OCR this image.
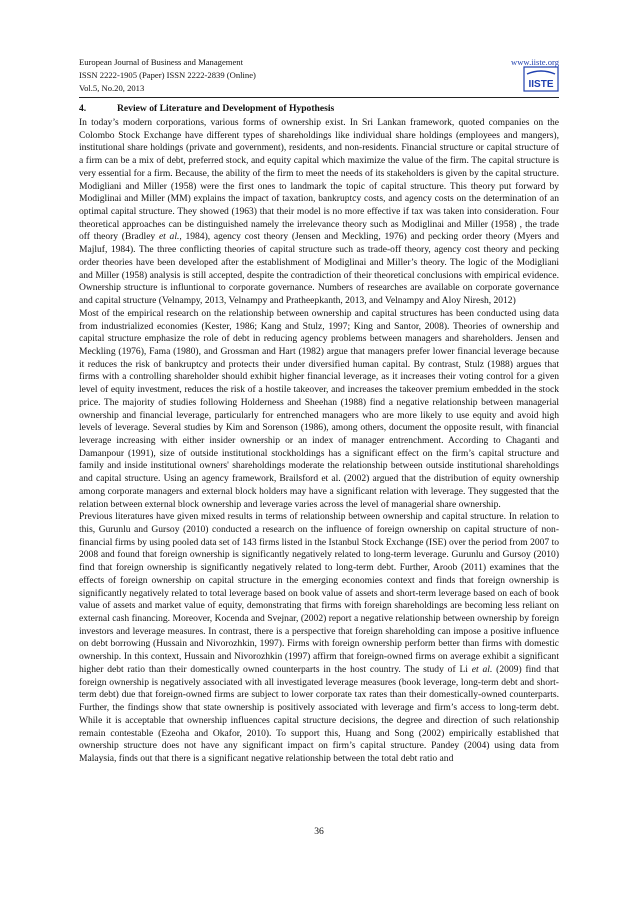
European Journal of Business and Management
ISSN 2222-1905 (Paper) ISSN 2222-2839 (Online)
Vol.5, No.20, 2013
www.iiste.org
IISTE
4.	Review of Literature and Development of Hypothesis

In today’s modern corporations, various forms of ownership exist. In Sri Lankan framework, quoted companies on the Colombo Stock Exchange have different types of shareholdings like individual share holdings (employees and mangers), institutional share holdings (private and government), residents, and non-residents. Financial structure or capital structure of a firm can be a mix of debt, preferred stock, and equity capital which maximize the value of the firm. The capital structure is very essential for a firm. Because, the ability of the firm to meet the needs of its stakeholders is given by the capital structure. Modigliani and Miller (1958) were the first ones to landmark the topic of capital structure. This theory put forward by Modiglinai and Miller (MM) explains the impact of taxation, bankruptcy costs, and agency costs on the determination of an optimal capital structure. They showed (1963) that their model is no more effective if tax was taken into consideration. Four theoretical approaches can be distinguished namely the irrelevance theory such as Modiglinai and Miller (1958) , the trade off theory (Bradley et al., 1984), agency cost theory (Jensen and Meckling, 1976) and pecking order theory (Myers and Majluf, 1984). The three conflicting theories of capital structure such as trade-off theory, agency cost theory and pecking order theories have been developed after the establishment of Modiglinai and Miller’s theory. The logic of the Modigliani and Miller (1958) analysis is still accepted, despite the contradiction of their theoretical conclusions with empirical evidence. Ownership structure is influntional to corporate governance. Numbers of researches are available on corporate governance and capital structure (Velnampy, 2013, Velnampy and Pratheepkanth, 2013, and Velnampy and Aloy Niresh, 2012)

Most of the empirical research on the relationship between ownership and capital structures has been conducted using data from industrialized economies (Kester, 1986; Kang and Stulz, 1997; King and Santor, 2008). Theories of ownership and capital structure emphasize the role of debt in reducing agency problems between managers and shareholders. Jensen and Meckling (1976), Fama (1980), and Grossman and Hart (1982) argue that managers prefer lower financial leverage because it reduces the risk of bankruptcy and protects their under diversified human capital. By contrast, Stulz (1988) argues that firms with a controlling shareholder should exhibit higher financial leverage, as it increases their voting control for a given level of equity investment, reduces the risk of a hostile takeover, and increases the takeover premium embedded in the stock price. The majority of studies following Holderness and Sheehan (1988) find a negative relationship between managerial ownership and financial leverage, particularly for entrenched managers who are more likely to use equity and avoid high levels of leverage. Several studies by Kim and Sorenson (1986), among others, document the opposite result, with financial leverage increasing with either insider ownership or an index of manager entrenchment. According to Chaganti and Damanpour (1991), size of outside institutional stockholdings has a significant effect on the firm’s capital structure and family and inside institutional owners' shareholdings moderate the relationship between outside institutional shareholdings and capital structure. Using an agency framework, Brailsford et al. (2002) argued that the distribution of equity ownership among corporate managers and external block holders may have a significant relation with leverage. They suggested that the relation between external block ownership and leverage varies across the level of managerial share ownership.

Previous literatures have given mixed results in terms of relationship between ownership and capital structure. In relation to this, Gurunlu and Gursoy (2010) conducted a research on the influence of foreign ownership on capital structure of non-financial firms by using pooled data set of 143 firms listed in the Istanbul Stock Exchange (ISE) over the period from 2007 to 2008 and found that foreign ownership is significantly negatively related to long-term leverage. Gurunlu and Gursoy (2010) find that foreign ownership is significantly negatively related to long-term debt. Further, Aroob (2011) examines that the effects of foreign ownership on capital structure in the emerging economies context and finds that foreign ownership is significantly negatively related to total leverage based on book value of assets and short-term leverage based on each of book value of assets and market value of equity, demonstrating that firms with foreign shareholdings are becoming less reliant on external cash financing. Moreover, Kocenda and Svejnar, (2002) report a negative relationship between ownership by foreign investors and leverage measures. In contrast, there is a perspective that foreign shareholding can impose a positive influence on debt borrowing (Hussain and Nivorozhkin, 1997). Firms with foreign ownership perform better than firms with domestic ownership. In this context, Hussain and Nivorozhkin (1997) affirm that foreign-owned firms on average exhibit a significant higher debt ratio than their domestically owned counterparts in the host country. The study of Li et al. (2009) find that foreign ownership is negatively associated with all investigated leverage measures (book leverage, long-term debt and short-term debt) due that foreign-owned firms are subject to lower corporate tax rates than their domestically-owned counterparts. Further, the findings show that state ownership is positively associated with leverage and firm’s access to long-term debt. While it is acceptable that ownership influences capital structure decisions, the degree and direction of such relationship remain contestable (Ezeoha and Okafor, 2010). To support this, Huang and Song (2002) empirically established that ownership structure does not have any significant impact on firm’s capital structure. Pandey (2004) using data from Malaysia, finds out that there is a significant negative relationship between the total debt ratio and

36
